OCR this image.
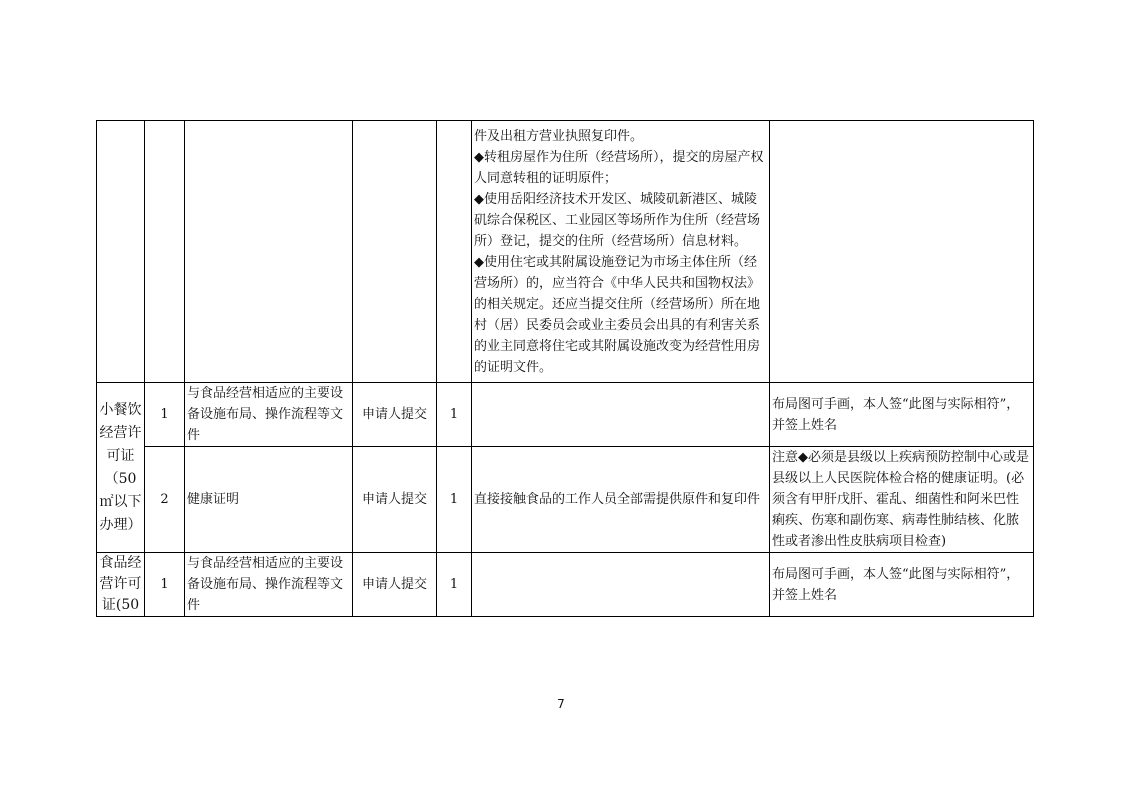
					件及出租方营业执照复印件。
◆转租房屋作为住所（经营场所），提交的房屋产权人同意转租的证明原件；
◆使用岳阳经济技术开发区、城陵矶新港区、城陵矶综合保税区、工业园区等场所作为住所（经营场所）登记，提交的住所（经营场所）信息材料。
◆使用住宅或其附属设施登记为市场主体住所（经营场所）的，应当符合《中华人民共和国物权法》的相关规定。还应当提交住所（经营场所）所在地村（居）民委员会或业主委员会出具的有利害关系的业主同意将住宅或其附属设施改变为经营性用房的证明文件。	

小餐饮经营许可证（50㎡以下办理）	1	与食品经营相适应的主要设备设施布局、操作流程等文件	申请人提交	1		布局图可手画，本人签“此图与实际相符”，并签上姓名
	2	健康证明	申请人提交	1	直接接触食品的工作人员全部需提供原件和复印件	注意◆必须是县级以上疾病预防控制中心或是县级以上人民医院体检合格的健康证明。(必须含有甲肝戊肝、霍乱、细菌性和阿米巴性痢疾、伤寒和副伤寒、病毒性肺结核、化脓性或者渗出性皮肤病项目检查)
食品经营许可证(50	1	与食品经营相适应的主要设备设施布局、操作流程等文件	申请人提交	1		布局图可手画，本人签“此图与实际相符”，并签上姓名
7
